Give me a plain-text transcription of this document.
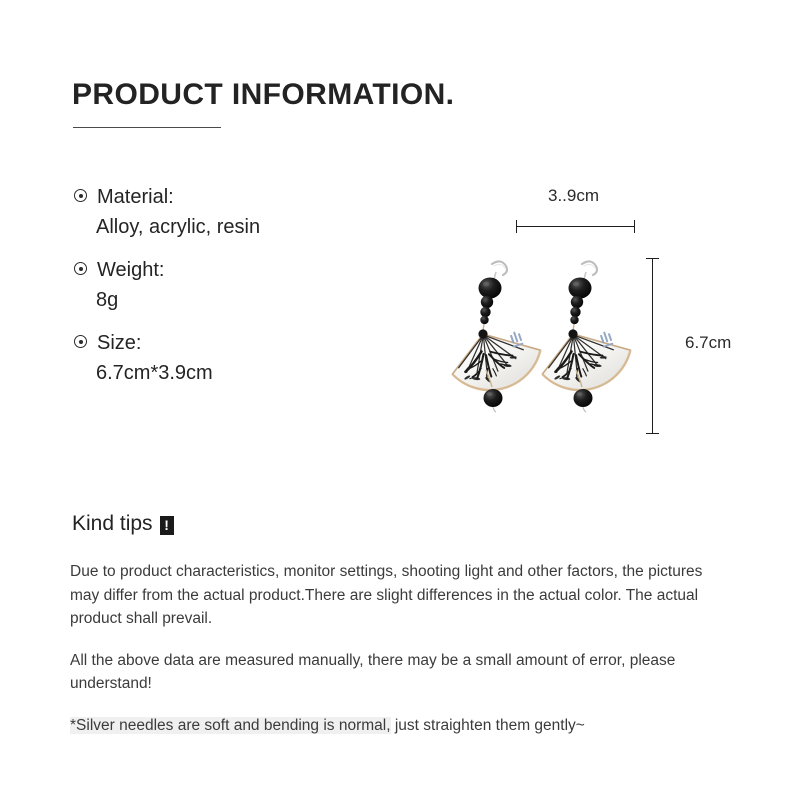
PRODUCT INFORMATION.
Material:
Alloy, acrylic, resin
Weight:
8g
Size:
6.7cm*3.9cm
3..9cm
6.7cm
Kind tips !

Due to product characteristics, monitor settings, shooting light and other factors, the pictures may differ from the actual product.There are slight differences in the actual color. The actual product shall prevail.

All the above data are measured manually, there may be a small amount of error, please understand!

*Silver needles are soft and bending is normal, just straighten them gently~
